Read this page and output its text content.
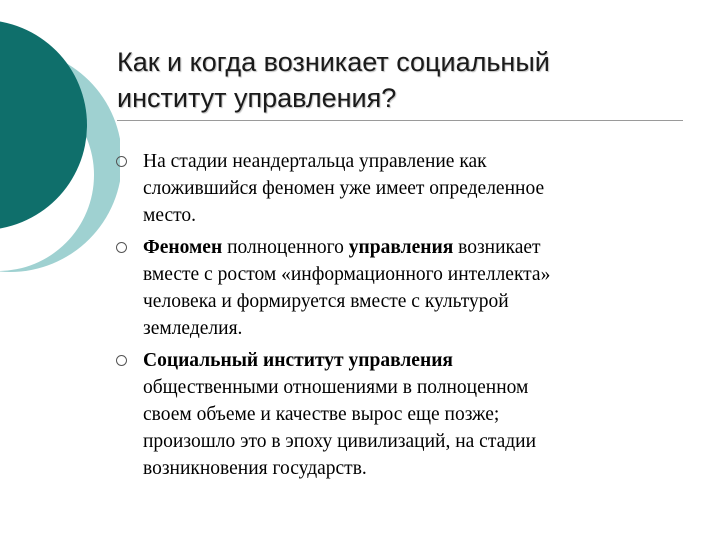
Как и когда возникает социальный
институт управления?
На стадии неандертальца управление как
сложившийся феномен уже имеет определенное
место.
Феномен полноценного управления возникает
вместе с ростом «информационного интеллекта»
человека и формируется вместе с культурой
земледелия.
Социальный институт управления
общественными отношениями в полноценном
своем объеме и качестве вырос еще позже;
произошло это в эпоху цивилизаций, на стадии
возникновения государств.
